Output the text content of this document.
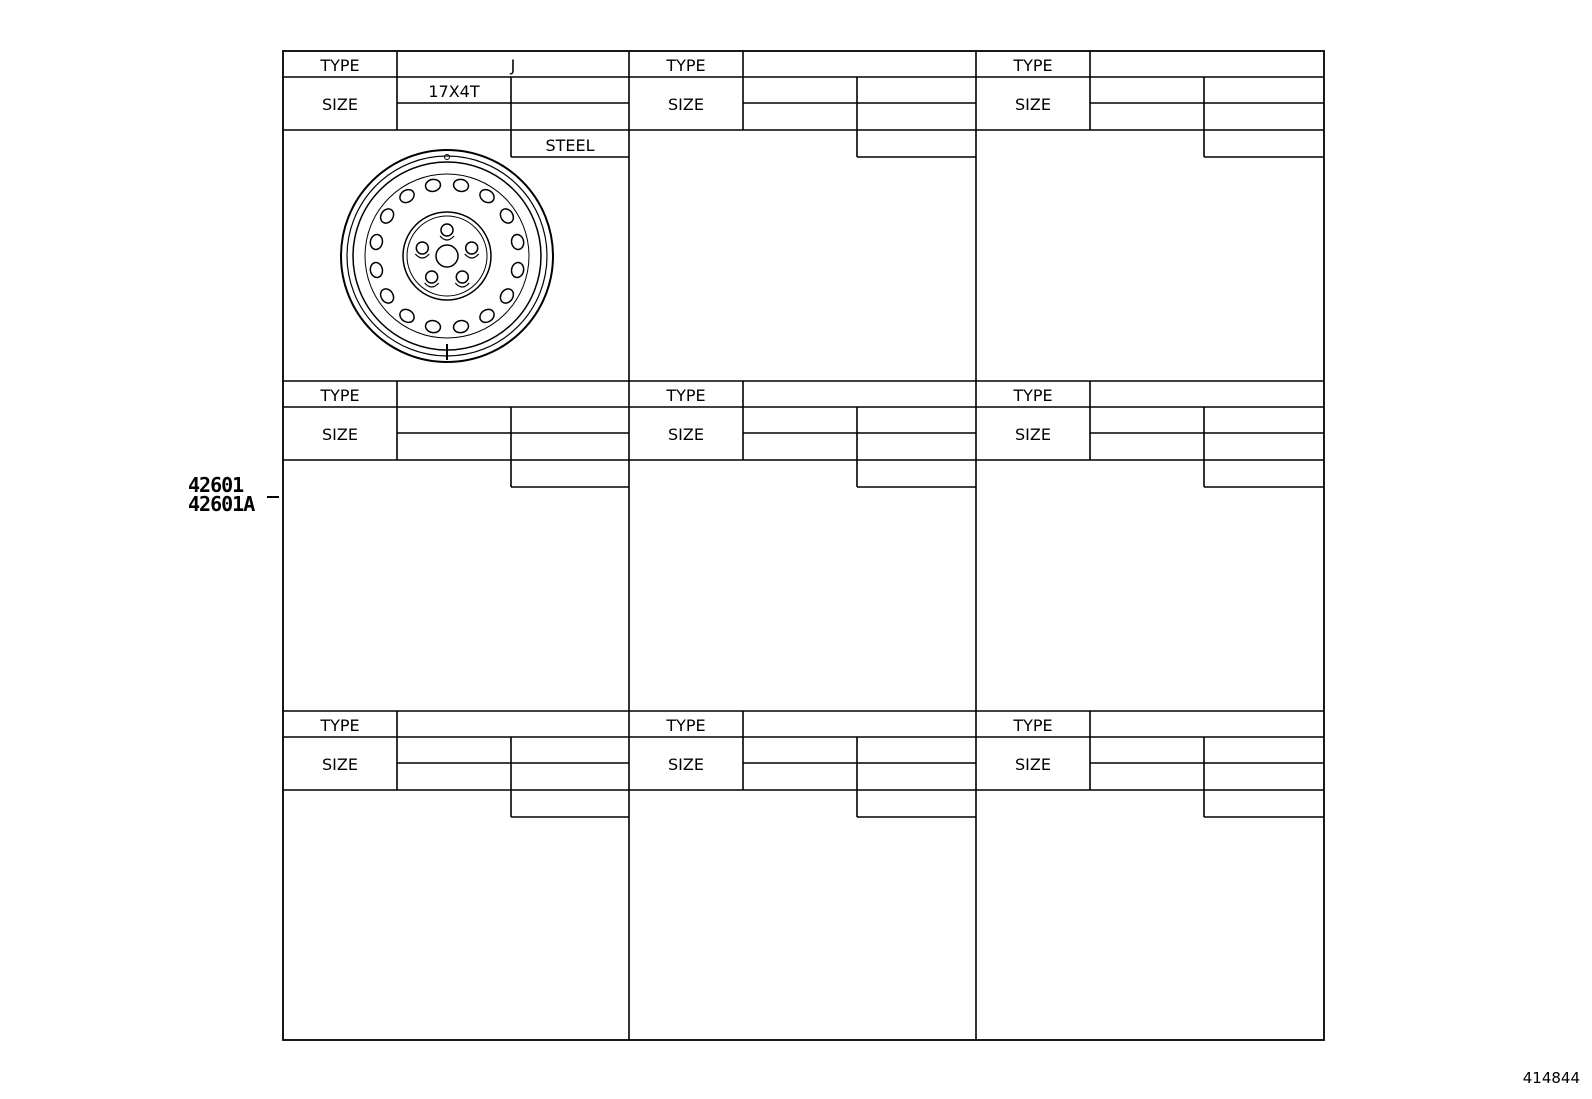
TYPE
SIZE
J
17X4T
STEEL
TYPE
SIZE
TYPE
SIZE
TYPE
SIZE
TYPE
SIZE
TYPE
SIZE
TYPE
SIZE
TYPE
SIZE
TYPE
SIZE
42601
42601A
414844
